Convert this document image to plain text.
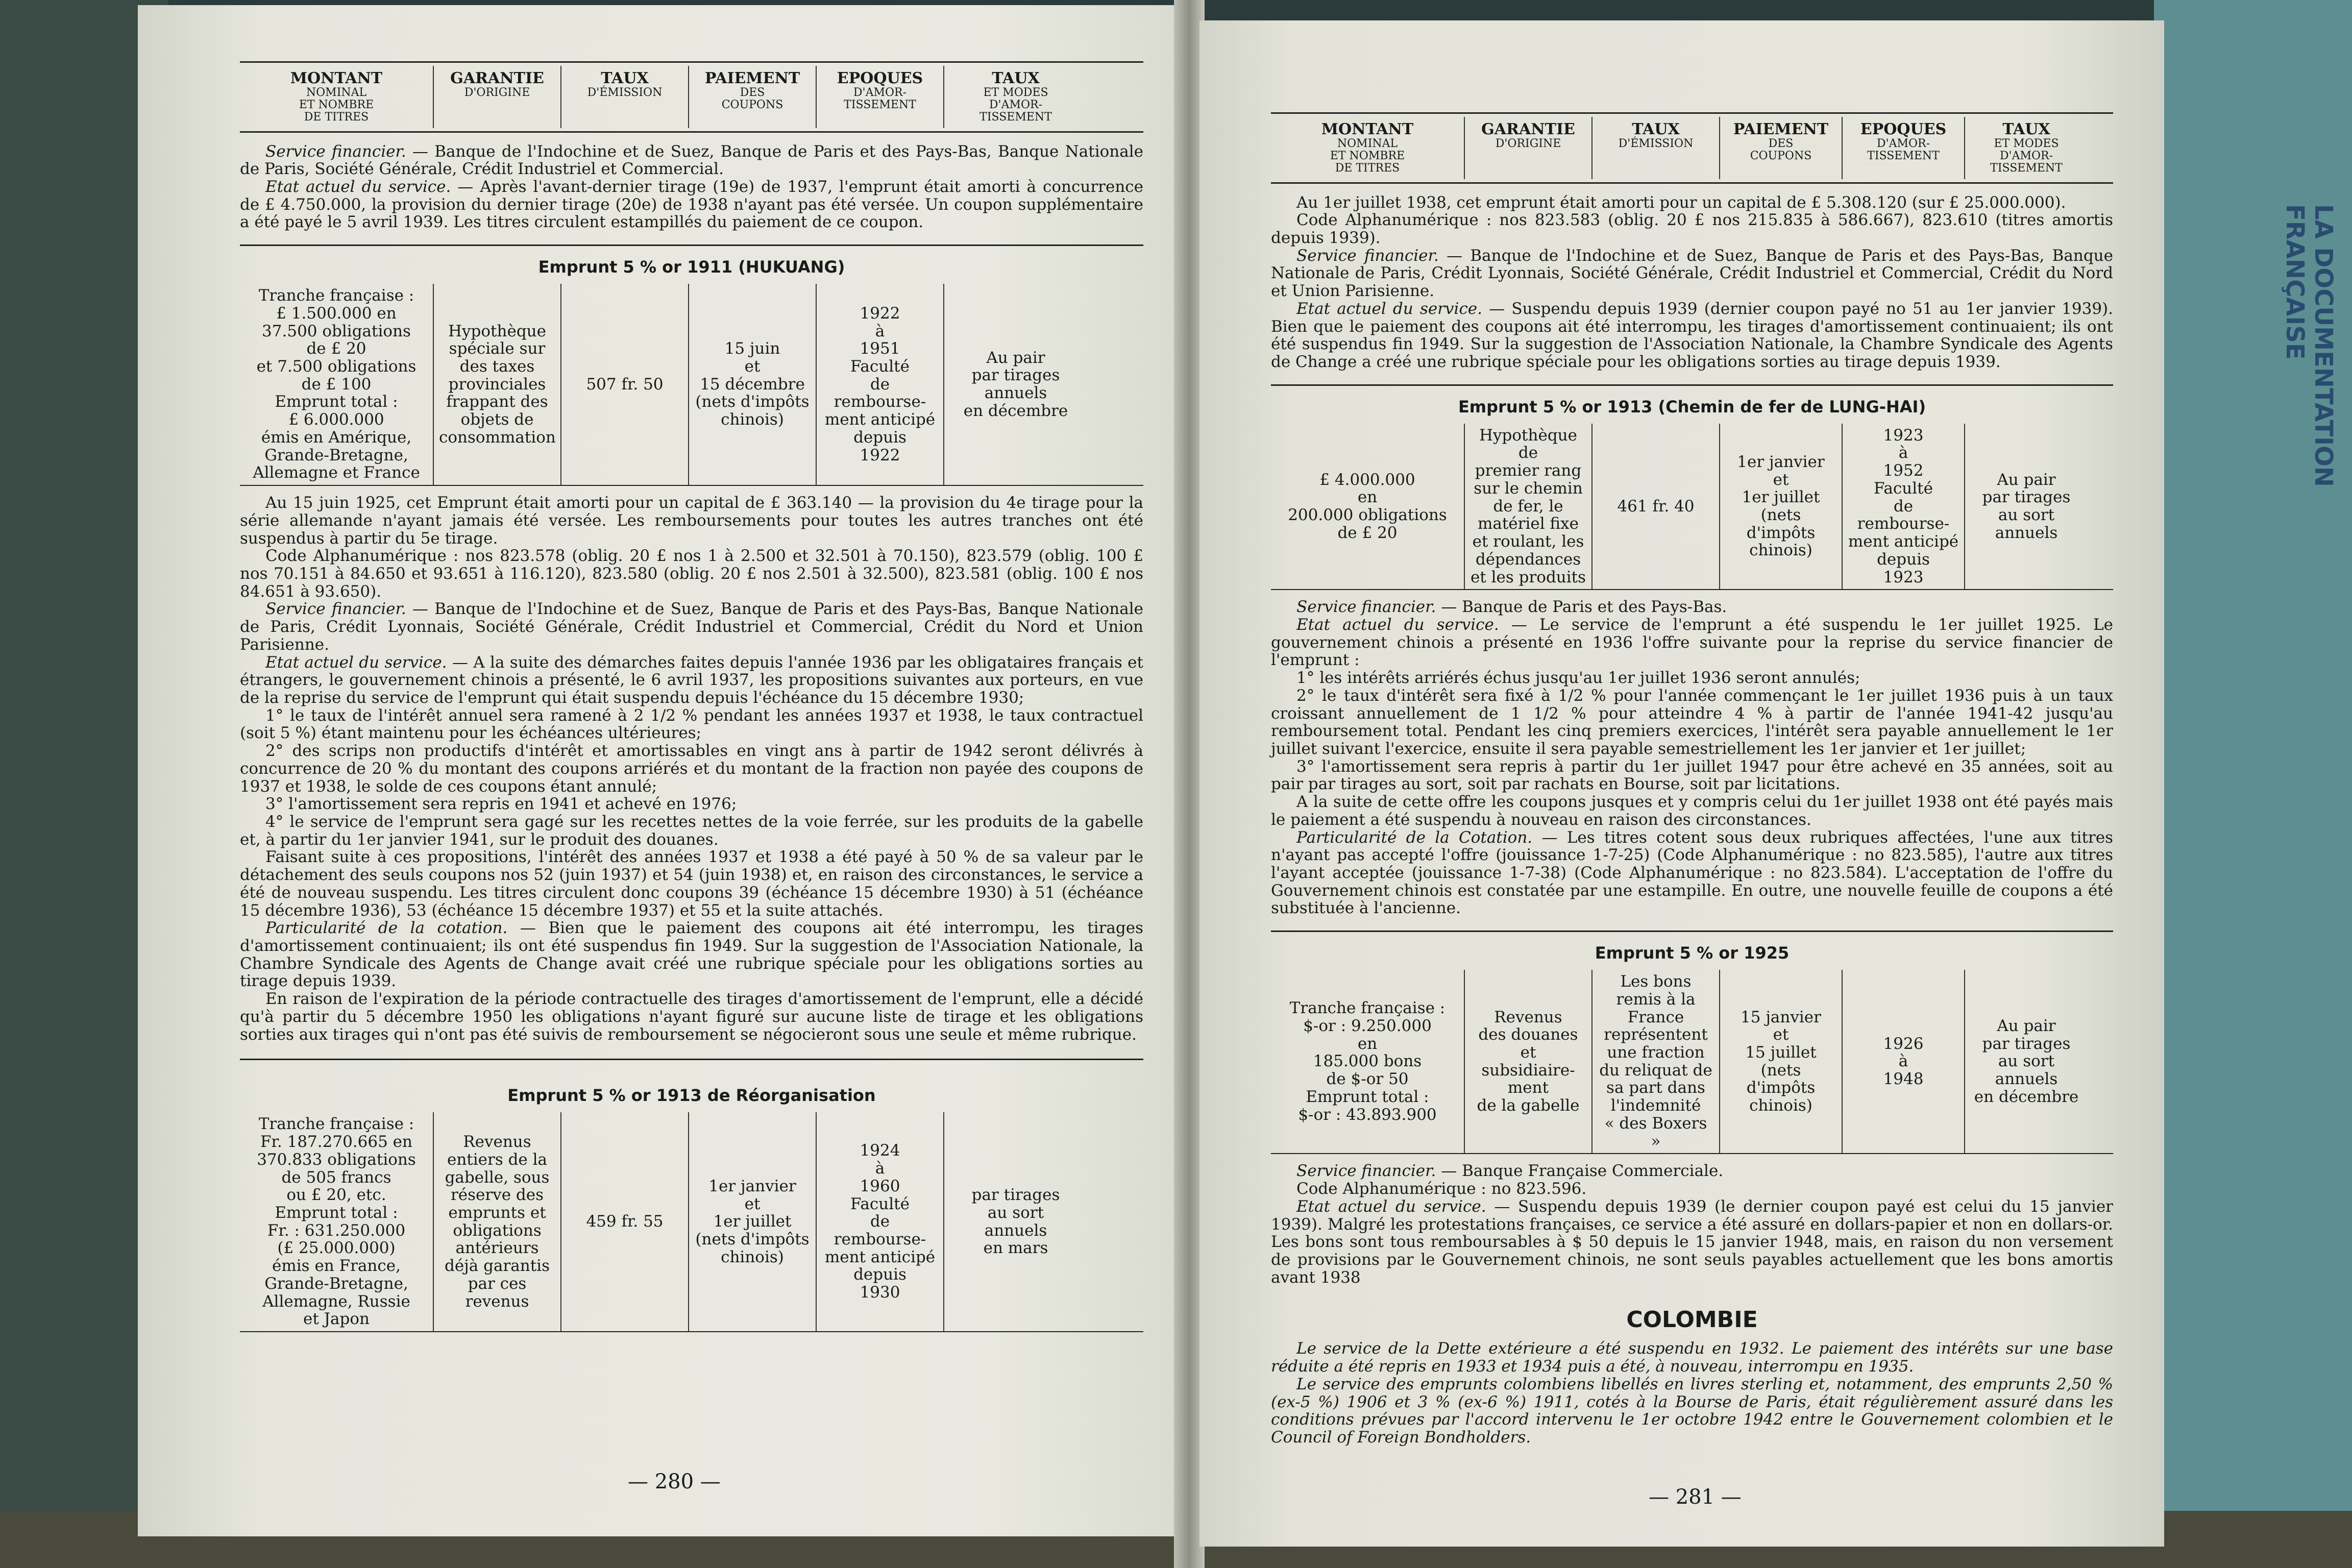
LA DOCUMENTATION FRANÇAISE
MONTANT
NOMINAL
ET NOMBRE
DE TITRES
GARANTIE
D'ORIGINE
TAUX
D'ÉMISSION
PAIEMENT
DES
COUPONS
EPOQUES
D'AMOR-
TISSEMENT
TAUX
ET MODES
D'AMOR-
TISSEMENT

Service financier. — Banque de l'Indochine et de Suez, Banque de Paris et des Pays-Bas, Banque Nationale de Paris, Société Générale, Crédit Industriel et Commercial.

Etat actuel du service. — Après l'avant-dernier tirage (19e) de 1937, l'emprunt était amorti à concurrence de £ 4.750.000, la provision du dernier tirage (20e) de 1938 n'ayant pas été versée. Un coupon supplémentaire a été payé le 5 avril 1939. Les titres circulent estampillés du paiement de ce coupon.

Emprunt 5 % or 1911 (HUKUANG)
Tranche française :
£ 1.500.000 en
37.500 obligations
de £ 20
et 7.500 obligations
de £ 100
Emprunt total :
£ 6.000.000
émis en Amérique,
Grande-Bretagne,
Allemagne et France
Hypothèque
spéciale sur
des taxes
provinciales
frappant des
objets de
consommation
507 fr. 50
15 juin
et
15 décembre
(nets d'impôts
chinois)
1922
à
1951
Faculté
de rembourse-
ment anticipé
depuis
1922
Au pair
par tirages
annuels
en décembre

Au 15 juin 1925, cet Emprunt était amorti pour un capital de £ 363.140 — la provision du 4e tirage pour la série allemande n'ayant jamais été versée. Les remboursements pour toutes les autres tranches ont été suspendus à partir du 5e tirage.

Code Alphanumérique : nos 823.578 (oblig. 20 £ nos 1 à 2.500 et 32.501 à 70.150), 823.579 (oblig. 100 £ nos 70.151 à 84.650 et 93.651 à 116.120), 823.580 (oblig. 20 £ nos 2.501 à 32.500), 823.581 (oblig. 100 £ nos 84.651 à 93.650).

Service financier. — Banque de l'Indochine et de Suez, Banque de Paris et des Pays-Bas, Banque Nationale de Paris, Crédit Lyonnais, Société Générale, Crédit Industriel et Commercial, Crédit du Nord et Union Parisienne.

Etat actuel du service. — A la suite des démarches faites depuis l'année 1936 par les obligataires français et étrangers, le gouvernement chinois a présenté, le 6 avril 1937, les propositions suivantes aux porteurs, en vue de la reprise du service de l'emprunt qui était suspendu depuis l'échéance du 15 décembre 1930;

1° le taux de l'intérêt annuel sera ramené à 2 1/2 % pendant les années 1937 et 1938, le taux contractuel (soit 5 %) étant maintenu pour les échéances ultérieures;

2° des scrips non productifs d'intérêt et amortissables en vingt ans à partir de 1942 seront délivrés à concurrence de 20 % du montant des coupons arriérés et du montant de la fraction non payée des coupons de 1937 et 1938, le solde de ces coupons étant annulé;

3° l'amortissement sera repris en 1941 et achevé en 1976;

4° le service de l'emprunt sera gagé sur les recettes nettes de la voie ferrée, sur les produits de la gabelle et, à partir du 1er janvier 1941, sur le produit des douanes.

Faisant suite à ces propositions, l'intérêt des années 1937 et 1938 a été payé à 50 % de sa valeur par le détachement des seuls coupons nos 52 (juin 1937) et 54 (juin 1938) et, en raison des circonstances, le service a été de nouveau suspendu. Les titres circulent donc coupons 39 (échéance 15 décembre 1930) à 51 (échéance 15 décembre 1936), 53 (échéance 15 décembre 1937) et 55 et la suite attachés.

Particularité de la cotation. — Bien que le paiement des coupons ait été interrompu, les tirages d'amortissement continuaient; ils ont été suspendus fin 1949. Sur la suggestion de l'Association Nationale, la Chambre Syndicale des Agents de Change avait créé une rubrique spéciale pour les obligations sorties au tirage depuis 1939.

En raison de l'expiration de la période contractuelle des tirages d'amortissement de l'emprunt, elle a décidé qu'à partir du 5 décembre 1950 les obligations n'ayant figuré sur aucune liste de tirage et les obligations sorties aux tirages qui n'ont pas été suivis de remboursement se négocieront sous une seule et même rubrique.

Emprunt 5 % or 1913 de Réorganisation
Tranche française :
Fr. 187.270.665 en
370.833 obligations
de 505 francs
ou £ 20, etc.
Emprunt total :
Fr. : 631.250.000
(£ 25.000.000)
émis en France,
Grande-Bretagne,
Allemagne, Russie
et Japon
Revenus
entiers de la
gabelle, sous
réserve des
emprunts et
obligations
antérieurs
déjà garantis
par ces
revenus
459 fr. 55
1er janvier
et
1er juillet
(nets d'impôts
chinois)
1924
à
1960
Faculté
de rembourse-
ment anticipé
depuis
1930
par tirages
au sort
annuels
en mars
— 280 —
MONTANT
NOMINAL
ET NOMBRE
DE TITRES
GARANTIE
D'ORIGINE
TAUX
D'ÉMISSION
PAIEMENT
DES
COUPONS
EPOQUES
D'AMOR-
TISSEMENT
TAUX
ET MODES
D'AMOR-
TISSEMENT

Au 1er juillet 1938, cet emprunt était amorti pour un capital de £ 5.308.120 (sur £ 25.000.000).

Code Alphanumérique : nos 823.583 (oblig. 20 £ nos 215.835 à 586.667), 823.610 (titres amortis depuis 1939).

Service financier. — Banque de l'Indochine et de Suez, Banque de Paris et des Pays-Bas, Banque Nationale de Paris, Crédit Lyonnais, Société Générale, Crédit Industriel et Commercial, Crédit du Nord et Union Parisienne.

Etat actuel du service. — Suspendu depuis 1939 (dernier coupon payé no 51 au 1er janvier 1939). Bien que le paiement des coupons ait été interrompu, les tirages d'amortissement continuaient; ils ont été suspendus fin 1949. Sur la suggestion de l'Association Nationale, la Chambre Syndicale des Agents de Change a créé une rubrique spéciale pour les obligations sorties au tirage depuis 1939.

Emprunt 5 % or 1913 (Chemin de fer de LUNG-HAI)
£ 4.000.000
en
200.000 obligations
de £ 20
Hypothèque de
premier rang
sur le chemin
de fer, le
matériel fixe
et roulant, les
dépendances
et les produits
461 fr. 40
1er janvier
et
1er juillet
(nets d'impôts
chinois)
1923
à
1952
Faculté
de rembourse-
ment anticipé
depuis
1923
Au pair
par tirages
au sort
annuels

Service financier. — Banque de Paris et des Pays-Bas.

Etat actuel du service. — Le service de l'emprunt a été suspendu le 1er juillet 1925. Le gouvernement chinois a présenté en 1936 l'offre suivante pour la reprise du service financier de l'emprunt :

1° les intérêts arriérés échus jusqu'au 1er juillet 1936 seront annulés;

2° le taux d'intérêt sera fixé à 1/2 % pour l'année commençant le 1er juillet 1936 puis à un taux croissant annuellement de 1 1/2 % pour atteindre 4 % à partir de l'année 1941-42 jusqu'au remboursement total. Pendant les cinq premiers exercices, l'intérêt sera payable annuellement le 1er juillet suivant l'exercice, ensuite il sera payable semestriellement les 1er janvier et 1er juillet;

3° l'amortissement sera repris à partir du 1er juillet 1947 pour être achevé en 35 années, soit au pair par tirages au sort, soit par rachats en Bourse, soit par licitations.

A la suite de cette offre les coupons jusques et y compris celui du 1er juillet 1938 ont été payés mais le paiement a été suspendu à nouveau en raison des circonstances.

Particularité de la Cotation. — Les titres cotent sous deux rubriques affectées, l'une aux titres n'ayant pas accepté l'offre (jouissance 1-7-25) (Code Alphanumérique : no 823.585), l'autre aux titres l'ayant acceptée (jouissance 1-7-38) (Code Alphanumérique : no 823.584). L'acceptation de l'offre du Gouvernement chinois est constatée par une estampille. En outre, une nouvelle feuille de coupons a été substituée à l'ancienne.

Emprunt 5 % or 1925
Tranche française :
$-or : 9.250.000
en
185.000 bons
de $-or 50
Emprunt total :
$-or : 43.893.900
Revenus
des douanes
et
subsidiaire-
ment
de la gabelle
Les bons
remis à la
France
représentent
une fraction
du reliquat de
sa part dans
l'indemnité
« des Boxers »
15 janvier
et
15 juillet
(nets d'impôts
chinois)
1926
à
1948
Au pair
par tirages
au sort
annuels
en décembre

Service financier. — Banque Française Commerciale.

Code Alphanumérique : no 823.596.

Etat actuel du service. — Suspendu depuis 1939 (le dernier coupon payé est celui du 15 janvier 1939). Malgré les protestations françaises, ce service a été assuré en dollars-papier et non en dollars-or. Les bons sont tous remboursables à $ 50 depuis le 15 janvier 1948, mais, en raison du non versement de provisions par le Gouvernement chinois, ne sont seuls payables actuellement que les bons amortis avant 1938

COLOMBIE

Le service de la Dette extérieure a été suspendu en 1932. Le paiement des intérêts sur une base réduite a été repris en 1933 et 1934 puis a été, à nouveau, interrompu en 1935.

Le service des emprunts colombiens libellés en livres sterling et, notamment, des emprunts 2,50 % (ex-5 %) 1906 et 3 % (ex-6 %) 1911, cotés à la Bourse de Paris, était régulièrement assuré dans les conditions prévues par l'accord intervenu le 1er octobre 1942 entre le Gouvernement colombien et le Council of Foreign Bondholders.

— 281 —
